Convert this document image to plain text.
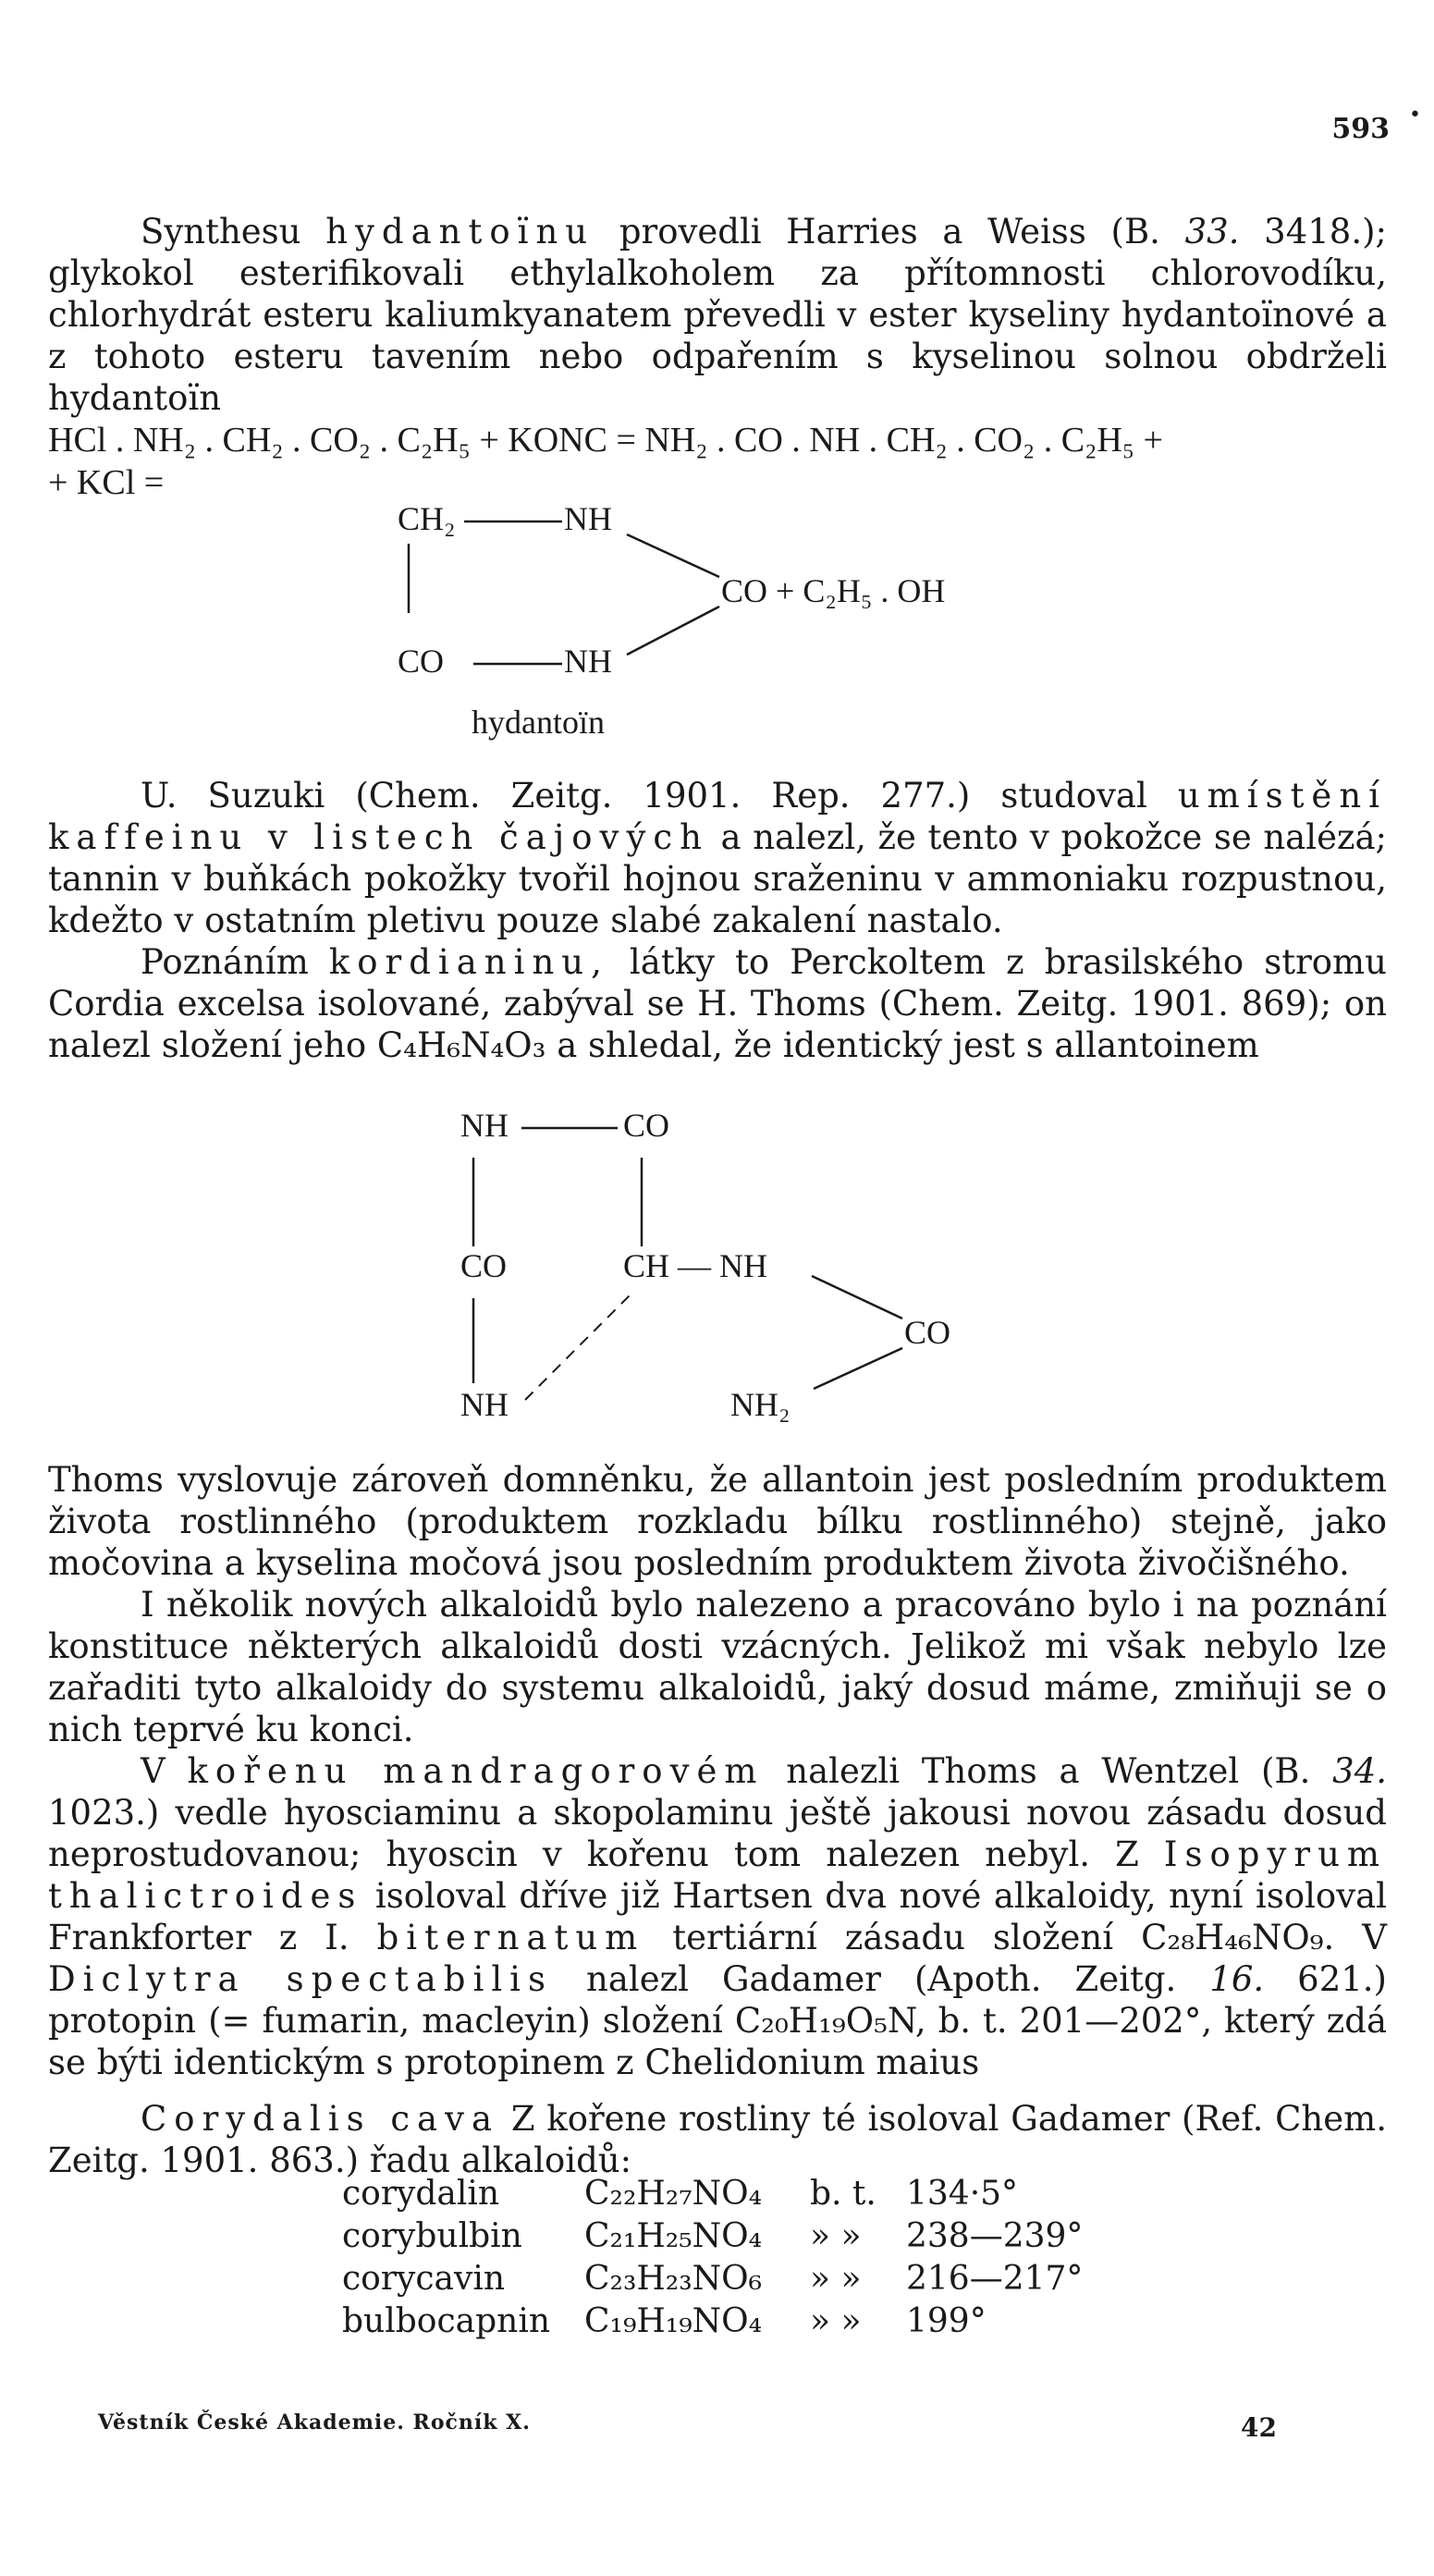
593 •

Synthesu hydantoïnu provedli Harries a Weiss (B. 33. 3418.); glykokol esterifikovali ethylalkoholem za přítomnosti chlorovodíku, chlorhydrát esteru kaliumkyanatem převedli v ester kyseliny hydantoïnové a z tohoto esteru tavením nebo odpařením s kyselinou solnou obdrželi hydantoïn

HCl . NH₂ . CH₂ . CO₂ . C₂H₅ + KONC = NH₂ . CO . NH . CH₂ . CO₂ . C₂H₅ +
+ KCl =
CH₂	NH
CO	NH
CO + C₂H₅ . OH
hydantoïn

U. Suzuki (Chem. Zeitg. 1901. Rep. 277.) studoval umístění kaffeinu v listech čajových a nalezl, že tento v pokožce se nalézá; tannin v buňkách pokožky tvořil hojnou sraženinu v ammoniaku rozpustnou, kdežto v ostatním pletivu pouze slabé zakalení nastalo.

Poznáním kordianinu, látky to Perckoltem z brasilského stromu Cordia excelsa isolované, zabýval se H. Thoms (Chem. Zeitg. 1901. 869); on nalezl složení jeho C₄H₆N₄O₃ a shledal, že identický jest s allantoinem

NH	CO
CO	CH — NH
CO
NH	NH₂

Thoms vyslovuje zároveň domněnku, že allantoin jest posledním produktem života rostlinného (produktem rozkladu bílku rostlinného) stejně, jako močovina a kyselina močová jsou posledním produktem života živočišného.

I několik nových alkaloidů bylo nalezeno a pracováno bylo i na poznání konstituce některých alkaloidů dosti vzácných. Jelikož mi však nebylo lze zařaditi tyto alkaloidy do systemu alkaloidů, jaký dosud máme, zmiňuji se o nich teprvé ku konci.

V kořenu mandragorovém nalezli Thoms a Wentzel (B. 34. 1023.) vedle hyosciaminu a skopolaminu ještě jakousi novou zásadu dosud neprostudovanou; hyoscin v kořenu tom nalezen nebyl. Z Isopyrum thalictroides isoloval dříve již Hartsen dva nové alkaloidy, nyní isoloval Frankforter z I. biternatum tertiární zásadu složení C₂₈H₄₆NO₉. V Diclytra spectabilis nalezl Gadamer (Apoth. Zeitg. 16. 621.) protopin (= fumarin, macleyin) složení C₂₀H₁₉O₅N, b. t. 201—202°, který zdá se býti identickým s protopinem z Chelidonium maius

Corydalis cava Z kořene rostliny té isoloval Gadamer (Ref. Chem. Zeitg. 1901. 863.) řadu alkaloidů:

corydalin	C₂₂H₂₇NO₄	b. t.	134·5°
corybulbin	C₂₁H₂₅NO₄	» »	238—239°
corycavin	C₂₃H₂₃NO₆	» »	216—217°
bulbocapnin	C₁₉H₁₉NO₄	» »	199°
Věstník České Akademie. Ročník X.	42
